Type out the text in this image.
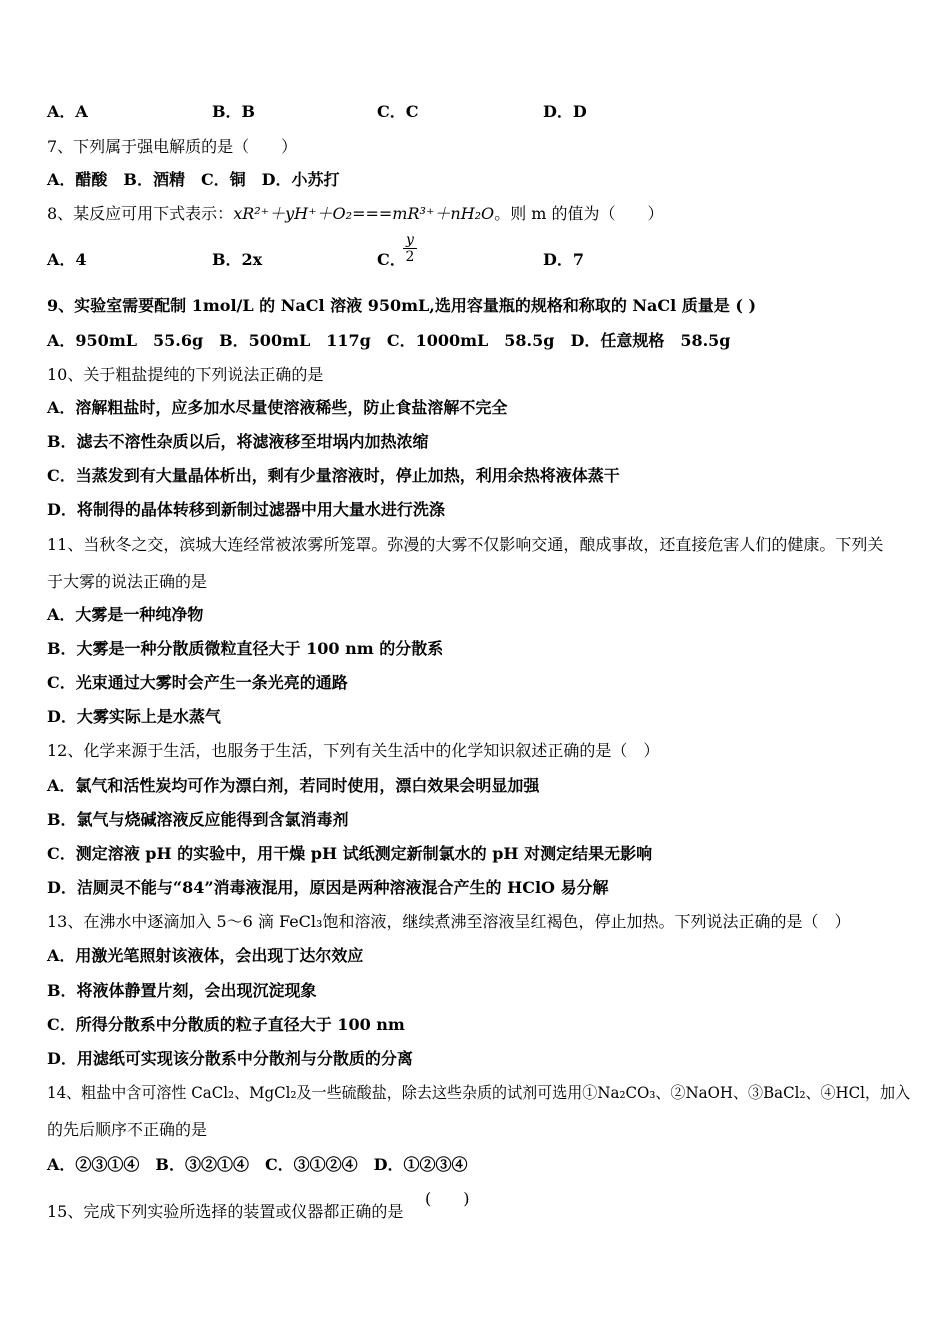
A．A	B．B	C．C	D．D
7、下列属于强电解质的是（　　）
A．醋酸　B．酒精　C．铜　D．小苏打
8、某反应可用下式表示：xR²⁺＋yH⁺＋O₂===mR³⁺＋nH₂O。则 m 的值为（　　）
A．4	B．2x	C．
y
2	D．7
9、实验室需要配制 1mol/L 的 NaCl 溶液 950mL,选用容量瓶的规格和称取的 NaCl 质量是 ( )
A．950mL　55.6g　B．500mL　117g　C．1000mL　58.5g　D．任意规格　58.5g
10、关于粗盐提纯的下列说法正确的是
A．溶解粗盐时，应多加水尽量使溶液稀些，防止食盐溶解不完全
B．滤去不溶性杂质以后，将滤液移至坩埚内加热浓缩
C．当蒸发到有大量晶体析出，剩有少量溶液时，停止加热，利用余热将液体蒸干
D．将制得的晶体转移到新制过滤器中用大量水进行洗涤
11、当秋冬之交，滨城大连经常被浓雾所笼罩。弥漫的大雾不仅影响交通，酿成事故，还直接危害人们的健康。下列关
于大雾的说法正确的是
A．大雾是一种纯净物
B．大雾是一种分散质微粒直径大于 100 nm 的分散系
C．光束通过大雾时会产生一条光亮的通路
D．大雾实际上是水蒸气
12、化学来源于生活，也服务于生活，下列有关生活中的化学知识叙述正确的是（　）
A．氯气和活性炭均可作为漂白剂，若同时使用，漂白效果会明显加强
B．氯气与烧碱溶液反应能得到含氯消毒剂
C．测定溶液 pH 的实验中，用干燥 pH 试纸测定新制氯水的 pH 对测定结果无影响
D．洁厕灵不能与“84”消毒液混用，原因是两种溶液混合产生的 HClO 易分解
13、在沸水中逐滴加入 5～6 滴 FeCl₃饱和溶液，继续煮沸至溶液呈红褐色，停止加热。下列说法正确的是（　）
A．用激光笔照射该液体，会出现丁达尔效应
B．将液体静置片刻，会出现沉淀现象
C．所得分散系中分散质的粒子直径大于 100 nm
D．用滤纸可实现该分散系中分散剂与分散质的分离
14、粗盐中含可溶性 CaCl₂、MgCl₂及一些硫酸盐，除去这些杂质的试剂可选用①Na₂CO₃、②NaOH、③BaCl₂、④HCl，加入
的先后顺序不正确的是
A．②③①④　B．③②①④　C．③①②④　D．①②③④
15、完成下列实验所选择的装置或仪器都正确的是
(　　)
